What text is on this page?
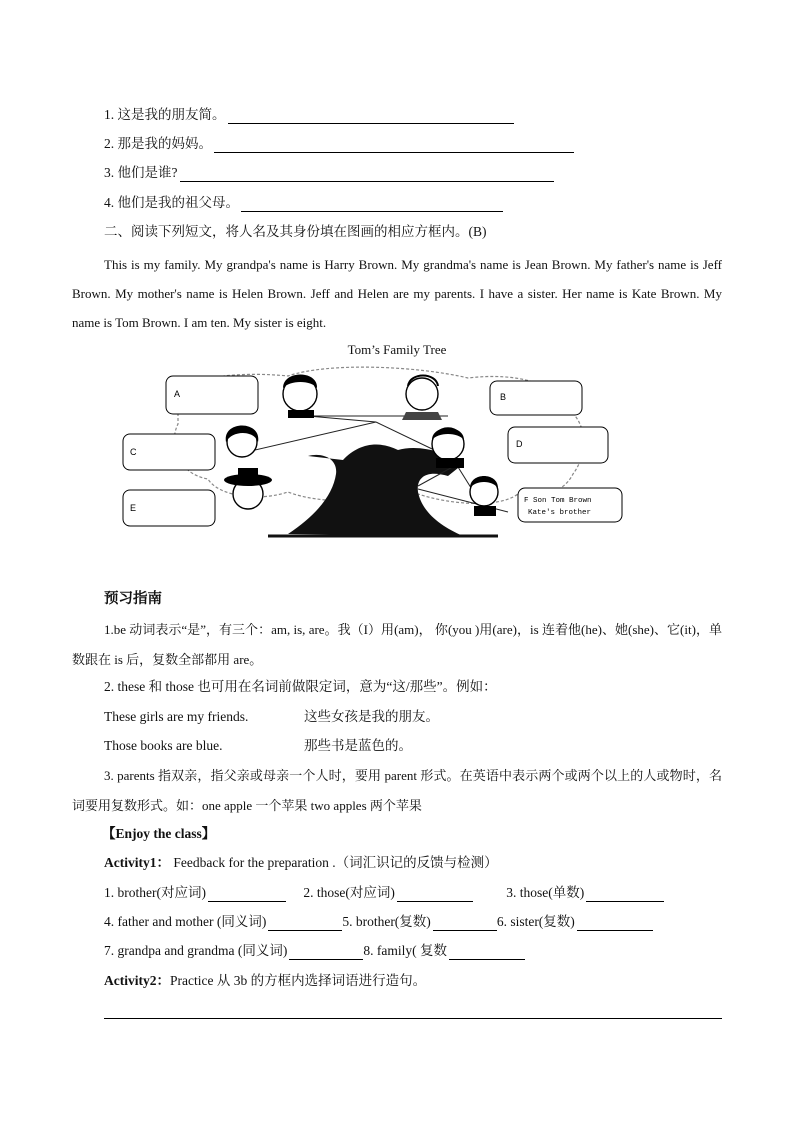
1. 这是我的朋友简。
2. 那是我的妈妈。
3. 他们是谁?
4. 他们是我的祖父母。
二、阅读下列短文，将人名及其身份填在图画的相应方框内。(B)
This is my family. My grandpa's name is Harry Brown. My grandma's name is Jean Brown. My father's name is Jeff Brown. My mother's name is Helen Brown. Jeff and Helen are my parents. I have a sister. Her name is Kate Brown. My name is Tom Brown. I am ten. My sister is eight.
Tom’s Family Tree
A	B
C
D
E
F Son Tom Brown
Kate's brother
预习指南
1.be 动词表示“是”，有三个：am, is, are。我（I）用(am)， 你(you )用(are)，is 连着他(he)、她(she)、它(it)，单数跟在 is 后，复数全部都用 are。
2. these 和 those 也可用在名词前做限定词，意为“这/那些”。例如：
These girls are my friends.	这些女孩是我的朋友。
Those books are blue.	那些书是蓝色的。
3. parents 指双亲，指父亲或母亲一个人时，要用 parent 形式。在英语中表示两个或两个以上的人或物时，名词要用复数形式。如：one apple 一个苹果 two apples 两个苹果
【Enjoy the class】
Activity1： Feedback for the preparation .（词汇识记的反馈与检测）
1. brother(对应词)	2. those(对应词)	3. those(单数)
4. father and mother (同义词)	5. brother(复数)	6. sister(复数)
7. grandpa and grandma (同义词)	8. family( 复数
Activity2：Practice 从 3b 的方框内选择词语进行造句。
